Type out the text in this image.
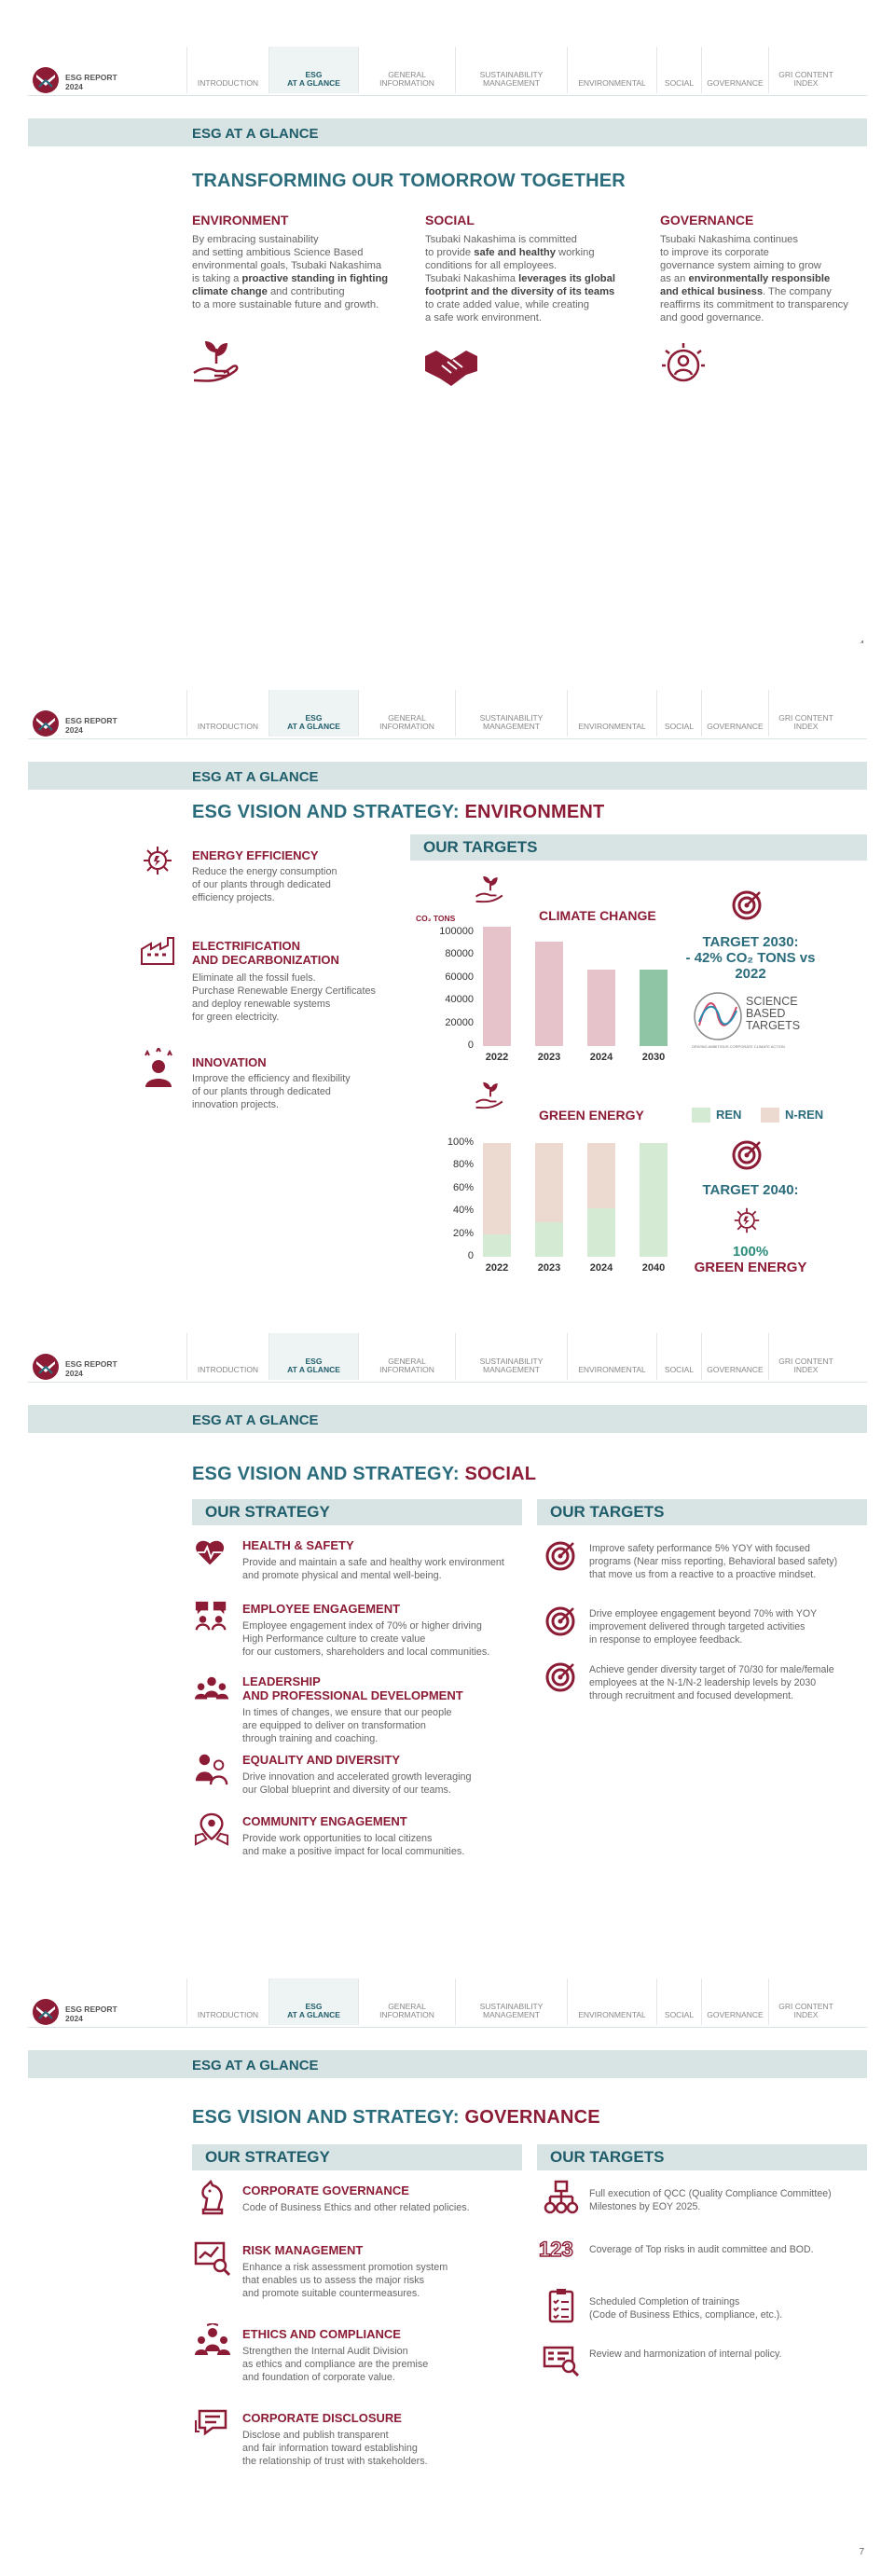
ESG REPORT
2024	INTRODUCTION
ESG
AT A GLANCE
GENERAL
INFORMATION
SUSTAINABILITY
MANAGEMENT	ENVIRONMENTAL SOCIAL GOVERNANCE
GRI CONTENT
INDEX
ESG AT A GLANCE
TRANSFORMING OUR TOMORROW TOGETHER
ENVIRONMENT
By embracing sustainability
and setting ambitious Science Based
environmental goals, Tsubaki Nakashima
is taking a proactive standing in fighting
climate change and contributing
to a more sustainable future and growth.
SOCIAL
Tsubaki Nakashima is committed
to provide safe and healthy working
conditions for all employees.
Tsubaki Nakashima leverages its global
footprint and the diversity of its teams
to crate added value, while creating
a safe work environment.
GOVERNANCE
Tsubaki Nakashima continues
to improve its corporate
governance system aiming to grow
as an environmentally responsible
and ethical business. The company
reaffirms its commitment to transparency
and good governance.
ESG REPORT
2024	INTRODUCTION
ESG
AT A GLANCE
GENERAL
INFORMATION
SUSTAINABILITY
MANAGEMENT	ENVIRONMENTAL SOCIAL GOVERNANCE
GRI CONTENT
INDEX
ESG AT A GLANCE
ESG VISION AND STRATEGY: ENVIRONMENT
ENERGY EFFICIENCY
Reduce the energy consumption
of our plants through dedicated
efficiency projects.
ELECTRIFICATION
AND DECARBONIZATION
Eliminate all the fossil fuels.
Purchase Renewable Energy Certificates
and deploy renewable systems
for green electricity.
INNOVATION
Improve the efficiency and flexibility
of our plants through dedicated
innovation projects.
OUR TARGETS
CLIMATE CHANGE
CO₂ TONS
0
20000
40000
60000
80000
100000
2022	2023	2024	2030
TARGET 2030:
- 42% CO₂ TONS vs 2022
SCIENCE
BASED
TARGETS
DRIVING AMBITIOUS CORPORATE CLIMATE ACTION
GREEN ENERGY	REN	N-REN
0
20%
40%
60%
80%
100%
2022	2023	2024	2040
TARGET 2040:
100%
GREEN ENERGY
ESG REPORT
2024	INTRODUCTION
ESG
AT A GLANCE
GENERAL
INFORMATION
SUSTAINABILITY
MANAGEMENT	ENVIRONMENTAL SOCIAL GOVERNANCE
GRI CONTENT
INDEX
ESG AT A GLANCE
ESG VISION AND STRATEGY: SOCIAL
OUR STRATEGY	OUR TARGETS
HEALTH & SAFETY
Provide and maintain a safe and healthy work environment
and promote physical and mental well-being.
EMPLOYEE ENGAGEMENT
Employee engagement index of 70% or higher driving
High Performance culture to create value
for our customers, shareholders and local communities.
LEADERSHIP
AND PROFESSIONAL DEVELOPMENT
In times of changes, we ensure that our people
are equipped to deliver on transformation
through training and coaching.
EQUALITY AND DIVERSITY
Drive innovation and accelerated growth leveraging
our Global blueprint and diversity of our teams.
COMMUNITY ENGAGEMENT
Provide work opportunities to local citizens
and make a positive impact for local communities.
Improve safety performance 5% YOY with focused
programs (Near miss reporting, Behavioral based safety)
that move us from a reactive to a proactive mindset.
Drive employee engagement beyond 70% with YOY
improvement delivered through targeted activities
in response to employee feedback.
Achieve gender diversity target of 70/30 for male/female
employees at the N-1/N-2 leadership levels by 2030
through recruitment and focused development.
ESG REPORT
2024	INTRODUCTION
ESG
AT A GLANCE
GENERAL
INFORMATION
SUSTAINABILITY
MANAGEMENT	ENVIRONMENTAL SOCIAL GOVERNANCE
GRI CONTENT
INDEX
ESG AT A GLANCE
ESG VISION AND STRATEGY: GOVERNANCE
OUR STRATEGY	OUR TARGETS
CORPORATE GOVERNANCE
Code of Business Ethics and other related policies.
RISK MANAGEMENT
Enhance a risk assessment promotion system
that enables us to assess the major risks
and promote suitable countermeasures.
ETHICS AND COMPLIANCE
Strengthen the Internal Audit Division
as ethics and compliance are the premise
and foundation of corporate value.
CORPORATE DISCLOSURE
Disclose and publish transparent
and fair information toward establishing
the relationship of trust with stakeholders.
Full execution of QCC (Quality Compliance Committee)
Milestones by EOY 2025.
123 Coverage of Top risks in audit committee and BOD.
Scheduled Completion of trainings
(Code of Business Ethics, compliance, etc.).
Review and harmonization of internal policy.
7
